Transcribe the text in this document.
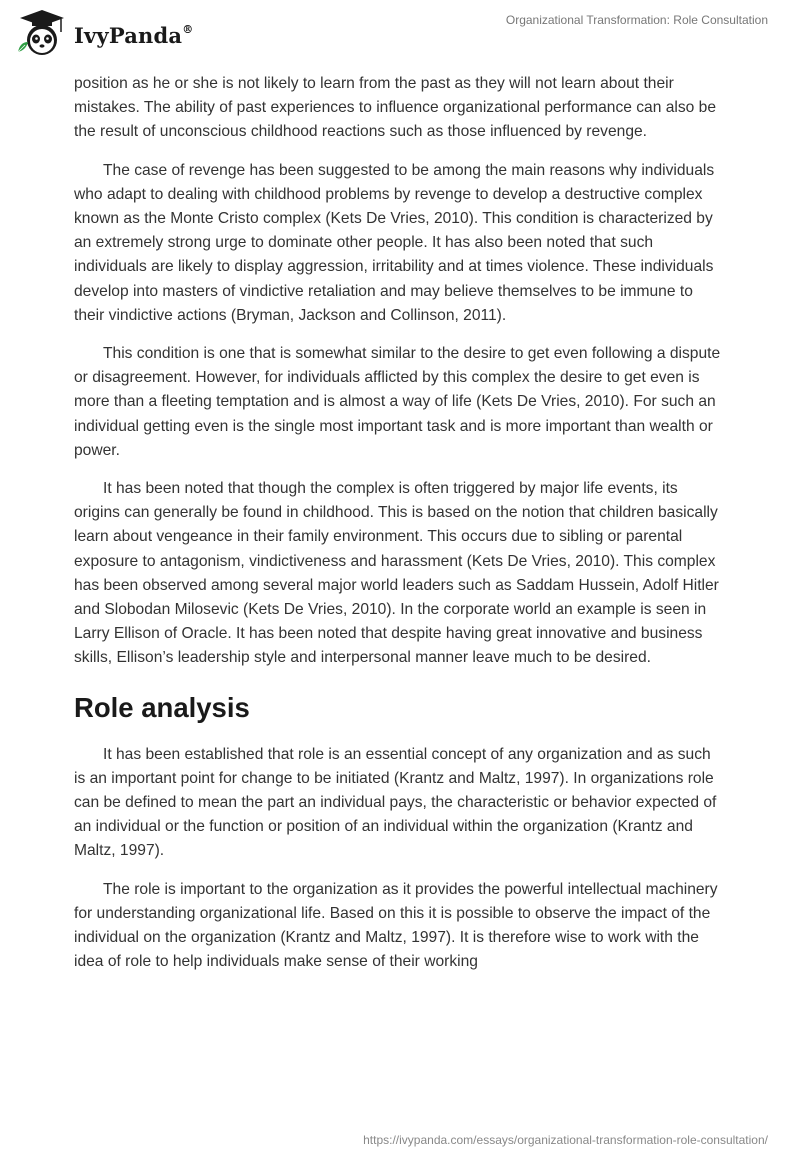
IvyPanda®
Organizational Transformation: Role Consultation

position as he or she is not likely to learn from the past as they will not learn about their mistakes. The ability of past experiences to influence organizational performance can also be the result of unconscious childhood reactions such as those influenced by revenge.

The case of revenge has been suggested to be among the main reasons why individuals who adapt to dealing with childhood problems by revenge to develop a destructive complex known as the Monte Cristo complex (Kets De Vries, 2010). This condition is characterized by an extremely strong urge to dominate other people. It has also been noted that such individuals are likely to display aggression, irritability and at times violence. These individuals develop into masters of vindictive retaliation and may believe themselves to be immune to their vindictive actions (Bryman, Jackson and Collinson, 2011).

This condition is one that is somewhat similar to the desire to get even following a dispute or disagreement. However, for individuals afflicted by this complex the desire to get even is more than a fleeting temptation and is almost a way of life (Kets De Vries, 2010). For such an individual getting even is the single most important task and is more important than wealth or power.

It has been noted that though the complex is often triggered by major life events, its origins can generally be found in childhood. This is based on the notion that children basically learn about vengeance in their family environment. This occurs due to sibling or parental exposure to antagonism, vindictiveness and harassment (Kets De Vries, 2010). This complex has been observed among several major world leaders such as Saddam Hussein, Adolf Hitler and Slobodan Milosevic (Kets De Vries, 2010). In the corporate world an example is seen in Larry Ellison of Oracle. It has been noted that despite having great innovative and business skills, Ellison’s leadership style and interpersonal manner leave much to be desired.

Role analysis

It has been established that role is an essential concept of any organization and as such is an important point for change to be initiated (Krantz and Maltz, 1997). In organizations role can be defined to mean the part an individual pays, the characteristic or behavior expected of an individual or the function or position of an individual within the organization (Krantz and Maltz, 1997).

The role is important to the organization as it provides the powerful intellectual machinery for understanding organizational life. Based on this it is possible to observe the impact of the individual on the organization (Krantz and Maltz, 1997). It is therefore wise to work with the idea of role to help individuals make sense of their working

https://ivypanda.com/essays/organizational-transformation-role-consultation/
